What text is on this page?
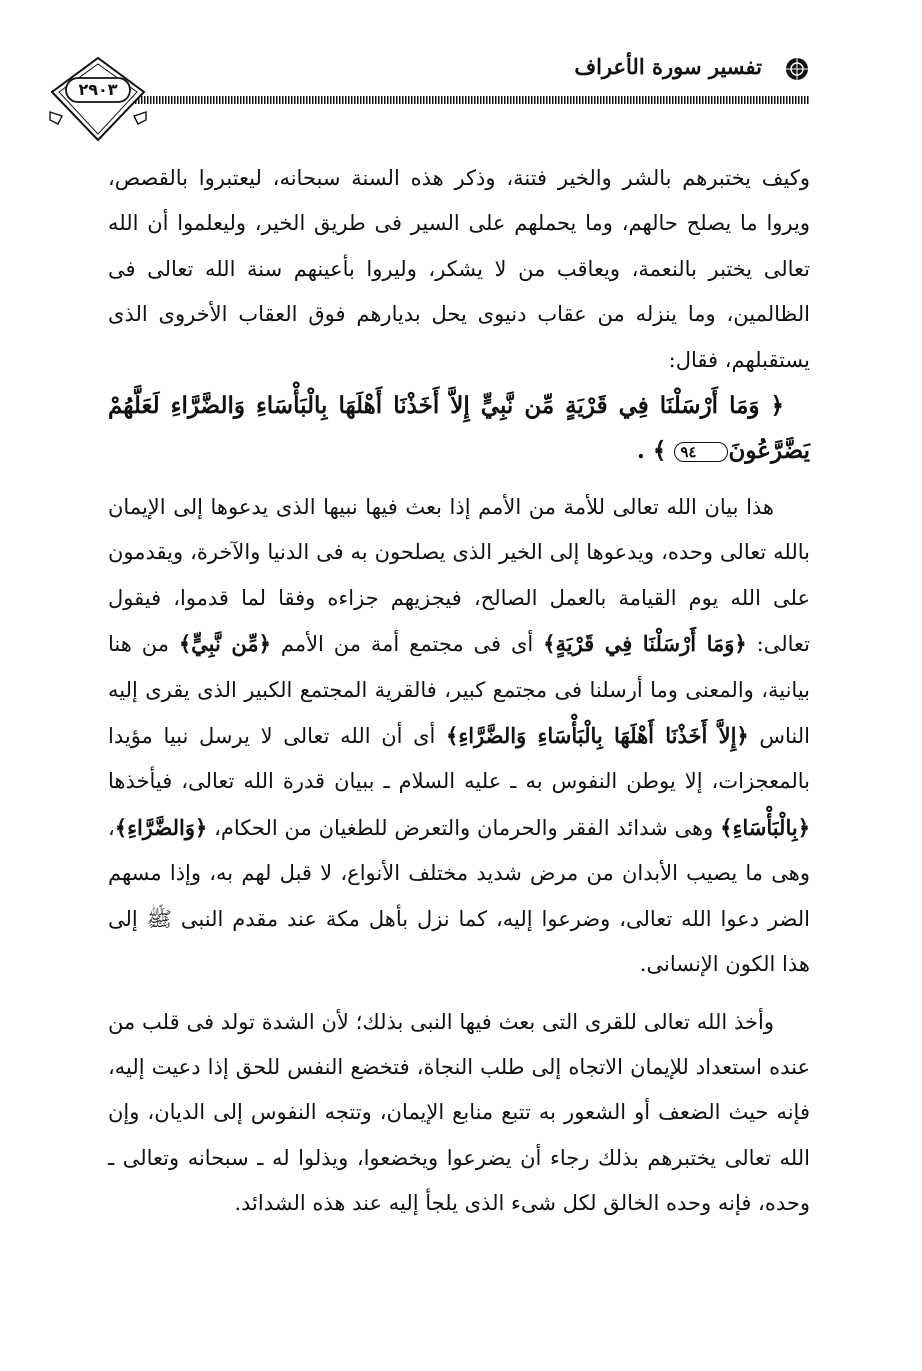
تفسير سورة الأعراف
٢٩٠٣

وكيف يختبرهم بالشر والخير فتنة، وذكر هذه السنة سبحانه، ليعتبروا بالقصص، ويروا ما يصلح حالهم، وما يحملهم على السير فى طريق الخير، وليعلموا أن الله تعالى يختبر بالنعمة، ويعاقب من لا يشكر، وليروا بأعينهم سنة الله تعالى فى الظالمين، وما ينزله من عقاب دنيوى يحل بديارهم فوق العقاب الأخروى الذى يستقبلهم، فقال:

﴿ وَمَا أَرْسَلْنَا فِي قَرْيَةٍ مِّن نَّبِيٍّ إِلاَّ أَخَذْنَا أَهْلَهَا بِالْبَأْسَاءِ وَالضَّرَّاءِ لَعَلَّهُمْ يَضَّرَّعُونَ٩٤ ﴾ .

هذا بيان الله تعالى للأمة من الأمم إذا بعث فيها نبيها الذى يدعوها إلى الإيمان بالله تعالى وحده، ويدعوها إلى الخير الذى يصلحون به فى الدنيا والآخرة، ويقدمون على الله يوم القيامة بالعمل الصالح، فيجزيهم جزاءه وفقا لما قدموا، فيقول تعالى: ﴿وَمَا أَرْسَلْنَا فِي قَرْيَةٍ﴾ أى فى مجتمع أمة من الأمم ﴿مِّن نَّبِيٍّ﴾ من هنا بيانية، والمعنى وما أرسلنا فى مجتمع كبير، فالقرية المجتمع الكبير الذى يقرى إليه الناس ﴿إِلاَّ أَخَذْنَا أَهْلَهَا بِالْبَأْسَاءِ وَالضَّرَّاءِ﴾ أى أن الله تعالى لا يرسل نبيا مؤيدا بالمعجزات، إلا يوطن النفوس به ـ عليه السلام ـ ببيان قدرة الله تعالى، فيأخذها ﴿بِالْبَأْسَاءِ﴾ وهى شدائد الفقر والحرمان والتعرض للطغيان من الحكام، ﴿وَالضَّرَّاءِ﴾، وهى ما يصيب الأبدان من مرض شديد مختلف الأنواع، لا قبل لهم به، وإذا مسهم الضر دعوا الله تعالى، وضرعوا إليه، كما نزل بأهل مكة عند مقدم النبى ﷺ إلى هذا الكون الإنسانى.

وأخذ الله تعالى للقرى التى بعث فيها النبى بذلك؛ لأن الشدة تولد فى قلب من عنده استعداد للإيمان الاتجاه إلى طلب النجاة، فتخضع النفس للحق إذا دعيت إليه، فإنه حيث الضعف أو الشعور به تتبع منابع الإيمان، وتتجه النفوس إلى الديان، وإن الله تعالى يختبرهم بذلك رجاء أن يضرعوا ويخضعوا، ويذلوا له ـ سبحانه وتعالى ـ وحده، فإنه وحده الخالق لكل شىء الذى يلجأ إليه عند هذه الشدائد.
